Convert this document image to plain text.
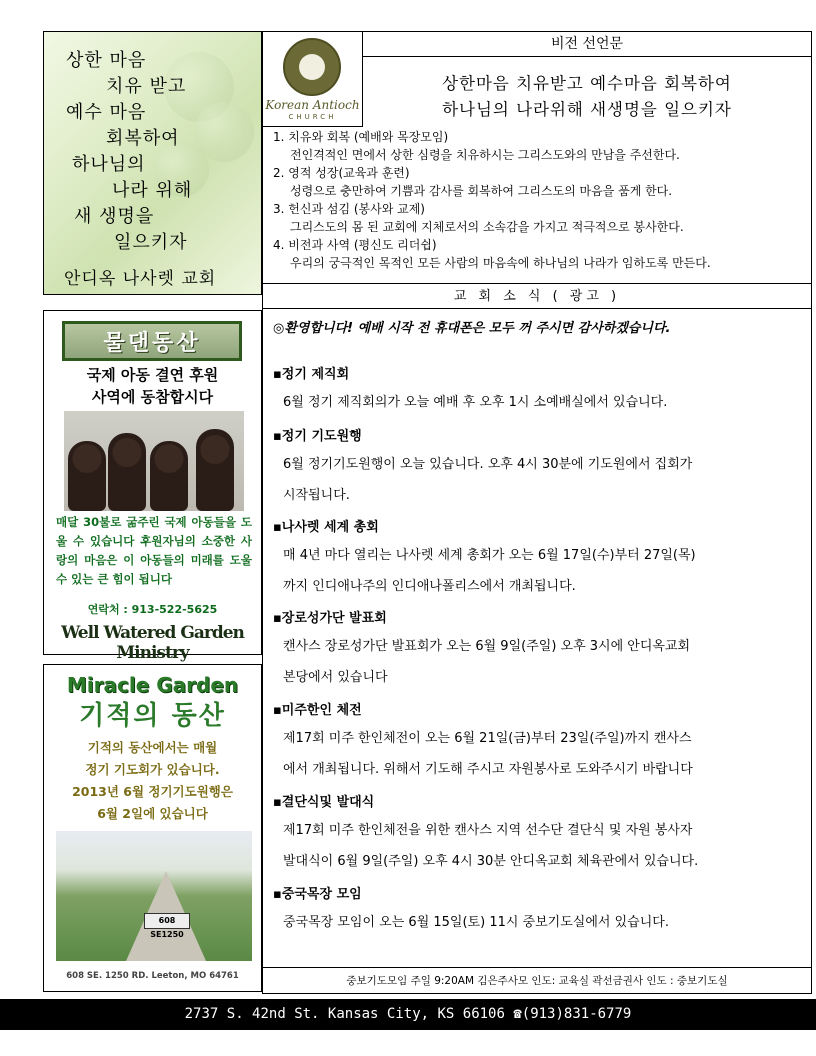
상한 마음
치유 받고
예수 마음
회복하여
하나님의
나라 위해
새 생명을
일으키자
안디옥 나사렛 교회
물댄동산
국제 아동 결연 후원
사역에 동참합시다
매달 30불로 굶주린 국제 아동들을 도울 수 있습니다 후원자님의 소중한 사랑의 마음은 이 아동들의 미래를 도울 수 있는 큰 힘이 됩니다
연락처 : 913-522-5625
Well Watered Garden Ministry
Miracle Garden
기적의 동산
기적의 동산에서는 매월
정기 기도회가 있습니다.
2013년 6월 정기기도원행은
6월 2일에 있습니다
608 SE1250
608 SE. 1250 RD. Leeton, MO 64761
Korean Antioch
CHURCH
비전 선언문
상한마음 치유받고 예수마음 회복하여
하나님의 나라위해 새생명을 일으키자
1. 치유와 회복 (예배와 목장모임)
전인격적인 면에서 상한 심령을 치유하시는 그리스도와의 만남을 주선한다.
2. 영적 성장(교육과 훈련)
성령으로 충만하여 기쁨과 감사를 회복하여 그리스도의 마음을 품게 한다.
3. 헌신과 섬김 (봉사와 교제)
그리스도의 몸 된 교회에 지체로서의 소속감을 가지고 적극적으로 봉사한다.
4. 비전과 사역 (평신도 리더쉽)
우리의 궁극적인 목적인 모든 사람의 마음속에 하나님의 나라가 임하도록 만든다.
교 회 소 식 ( 광고 )
◎환영합니다! 예배 시작 전 휴대폰은 모두 꺼 주시면 감사하겠습니다.
▪정기 제직회
6월 정기 제직회의가 오늘 예배 후 오후 1시 소예배실에서 있습니다.
▪정기 기도원행
6월 정기기도원행이 오늘 있습니다. 오후 4시 30분에 기도원에서 집회가
시작됩니다.
▪나사렛 세계 총회
매 4년 마다 열리는 나사렛 세계 총회가 오는 6월 17일(수)부터 27일(목)
까지 인디애나주의 인디애나폴리스에서 개최됩니다.
▪장로성가단 발표회
캔사스 장로성가단 발표회가 오는 6월 9일(주일) 오후 3시에 안디옥교회
본당에서 있습니다
▪미주한인 체전
제17회 미주 한인체전이 오는 6월 21일(금)부터 23일(주일)까지 캔사스
에서 개최됩니다. 위해서 기도해 주시고 자원봉사로 도와주시기 바랍니다
▪결단식및 발대식
제17회 미주 한인체전을 위한 캔사스 지역 선수단 결단식 및 자원 봉사자
발대식이 6월 9일(주일) 오후 4시 30분 안디옥교회 체육관에서 있습니다.
▪중국목장 모임
중국목장 모임이 오는 6월 15일(토) 11시 중보기도실에서 있습니다.
중보기도모임 주일 9:20AM 김은주사모 인도: 교육실 곽선금권사 인도 : 중보기도실
2737 S. 42nd St. Kansas City, KS 66106 ☎(913)831-6779
